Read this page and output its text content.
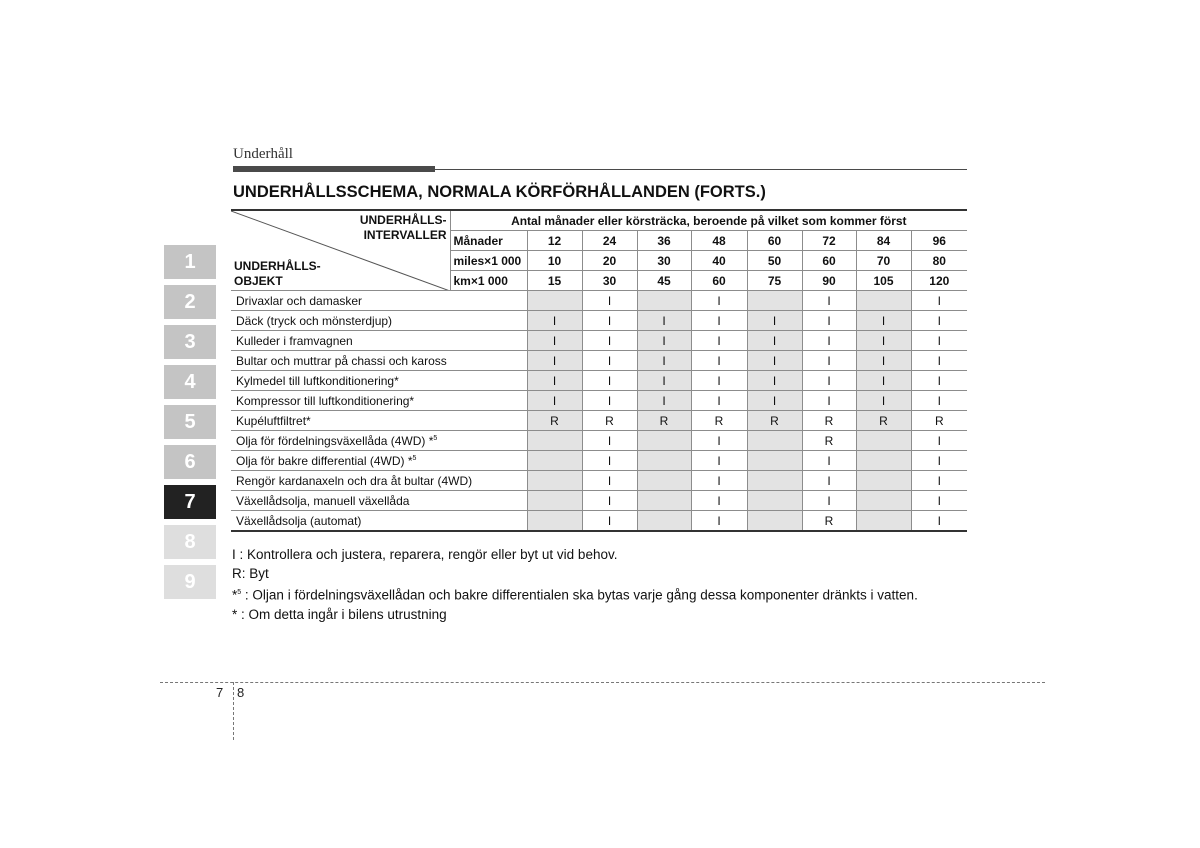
Underhåll
UNDERHÅLLSSCHEMA, NORMALA KÖRFÖRHÅLLANDEN (FORTS.)
1
2
3
4
5
6
7
8
9
UNDERHÅLLS-
INTERVALLER
UNDERHÅLLS-
OBJEKT	Antal månader eller körsträcka, beroende på vilket som kommer först								
	Månader	12	24	36	48	60	72	84	96
	miles×1 000	10	20	30	40	50	60	70	80
	km×1 000	15	30	45	60	75	90	105	120
Drivaxlar och damasker			I		I		I		I
Däck (tryck och mönsterdjup)		I	I	I	I	I	I	I	I
Kulleder i framvagnen		I	I	I	I	I	I	I	I
Bultar och muttrar på chassi och kaross		I	I	I	I	I	I	I	I
Kylmedel till luftkonditionering*		I	I	I	I	I	I	I	I
Kompressor till luftkonditionering*		I	I	I	I	I	I	I	I
Kupéluftfiltret*		R	R	R	R	R	R	R	R
Olja för fördelningsväxellåda (4WD) *$^5$			I		I		R		I
Olja för bakre differential (4WD) *$^5$			I		I		I		I
Rengör kardanaxeln och dra åt bultar (4WD)			I		I		I		I
Växellådsolja, manuell växellåda			I		I		I		I
Växellådsolja (automat)			I		I		R		I
I : Kontrollera och justera, reparera, rengör eller byt ut vid behov.
R: Byt
*$^5$ : Oljan i fördelningsväxellådan och bakre differentialen ska bytas varje gång dessa komponenter dränkts i vatten.
* : Om detta ingår i bilens utrustning
7 8
